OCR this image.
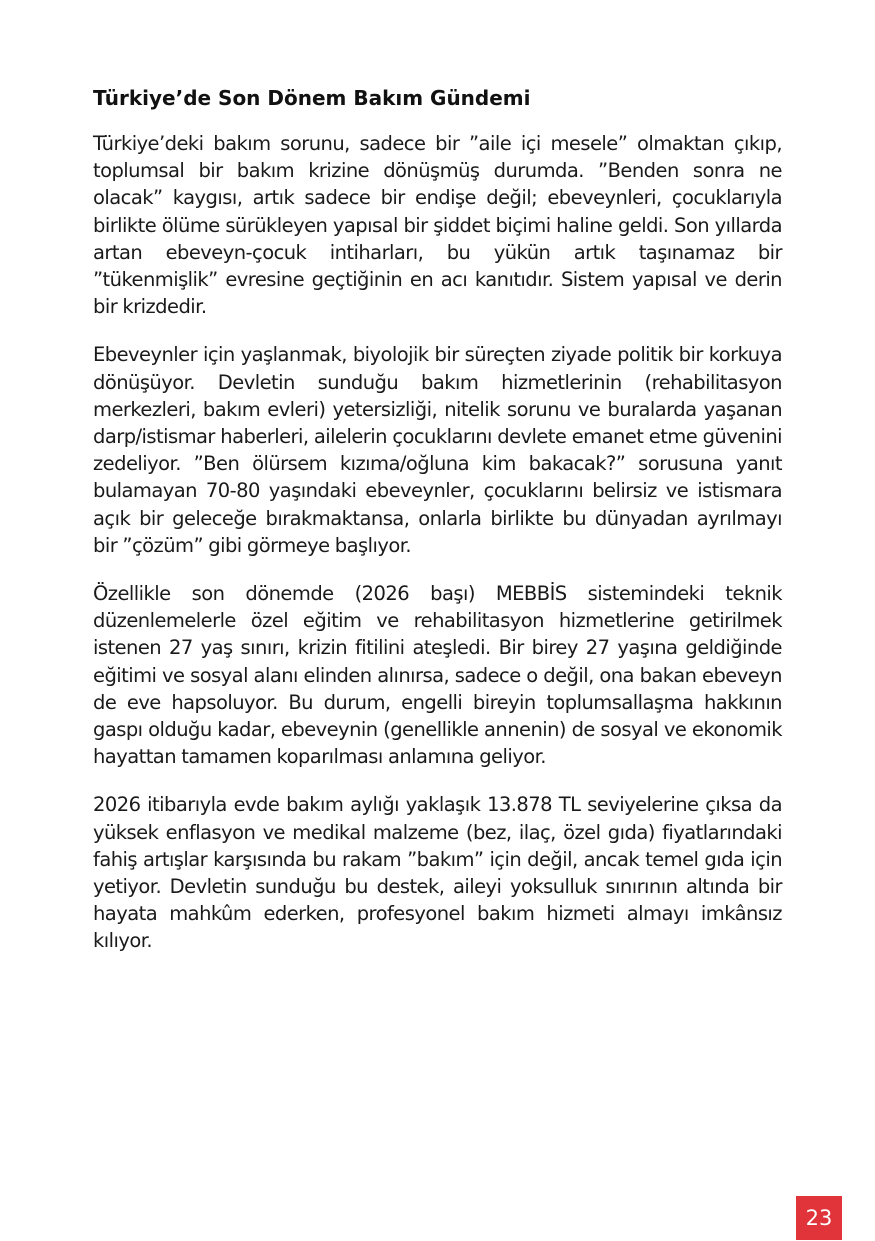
Türkiye’de Son Dönem Bakım Gündemi

Türkiye’deki bakım sorunu, sadece bir ”aile içi mesele” olmaktan çıkıp, toplumsal bir bakım krizine dönüşmüş durumda. ”Benden sonra ne olacak” kaygısı, artık sadece bir endişe değil; ebeveynleri, çocuklarıyla birlikte ölüme sürükleyen yapısal bir şiddet biçimi haline geldi. Son yıllarda artan ebeveyn-çocuk intiharları, bu yükün artık taşınamaz bir ”tükenmişlik” evresine geçtiğinin en acı kanıtıdır. Sistem yapısal ve derin bir krizdedir.

Ebeveynler için yaşlanmak, biyolojik bir süreçten ziyade politik bir korkuya dönüşüyor. Devletin sunduğu bakım hizmetlerinin (rehabilitasyon merkezleri, bakım evleri) yetersizliği, nitelik sorunu ve buralarda yaşanan darp/istismar haberleri, ailelerin çocuklarını devlete emanet etme güvenini zedeliyor. ”Ben ölürsem kızıma/oğluna kim bakacak?” sorusuna yanıt bulamayan 70-80 yaşındaki ebeveynler, çocuklarını belirsiz ve istismara açık bir geleceğe bırakmaktansa, onlarla birlikte bu dünyadan ayrılmayı bir ”çözüm” gibi görmeye başlıyor.

Özellikle son dönemde (2026 başı) MEBBİS sistemindeki teknik düzenlemelerle özel eğitim ve rehabilitasyon hizmetlerine getirilmek istenen 27 yaş sınırı, krizin fitilini ateşledi. Bir birey 27 yaşına geldiğinde eğitimi ve sosyal alanı elinden alınırsa, sadece o değil, ona bakan ebeveyn de eve hapsoluyor. Bu durum, engelli bireyin toplumsallaşma hakkının gaspı olduğu kadar, ebeveynin (genellikle annenin) de sosyal ve ekonomik hayattan tamamen koparılması anlamına geliyor.

2026 itibarıyla evde bakım aylığı yaklaşık 13.878 TL seviyelerine çıksa da yüksek enflasyon ve medikal malzeme (bez, ilaç, özel gıda) fiyatlarındaki fahiş artışlar karşısında bu rakam ”bakım” için değil, ancak temel gıda için yetiyor. Devletin sunduğu bu destek, aileyi yoksulluk sınırının altında bir hayata mahkûm ederken, profesyonel bakım hizmeti almayı imkânsız kılıyor.

23
